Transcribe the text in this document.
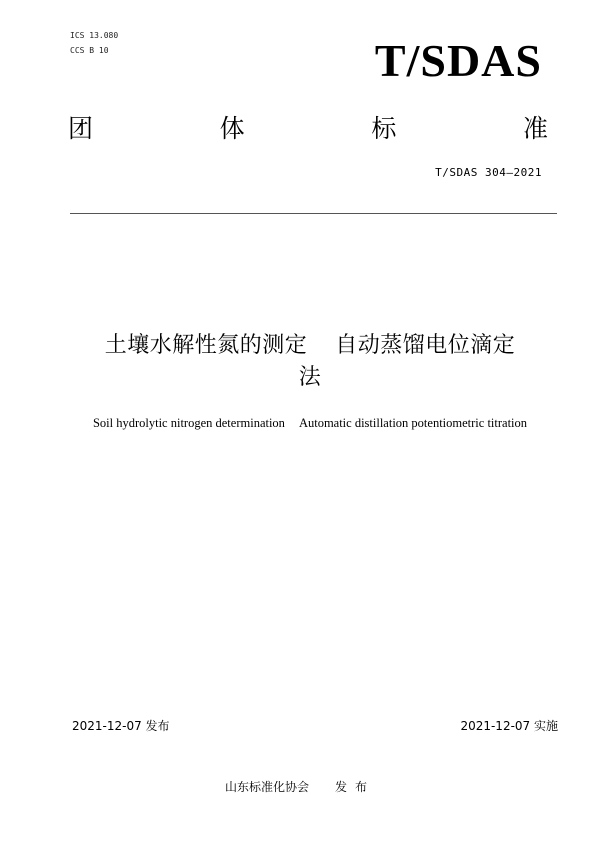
ICS 13.080
CCS B 10	T/SDAS
团	体	标	准
T/SDAS 304—2021
土壤水解性氮的测定 自动蒸馏电位滴定
法
Soil hydrolytic nitrogen determination Automatic distillation potentiometric titration
2021-12-07 发布	2021-12-07 实施
山东标准化协会 发布
